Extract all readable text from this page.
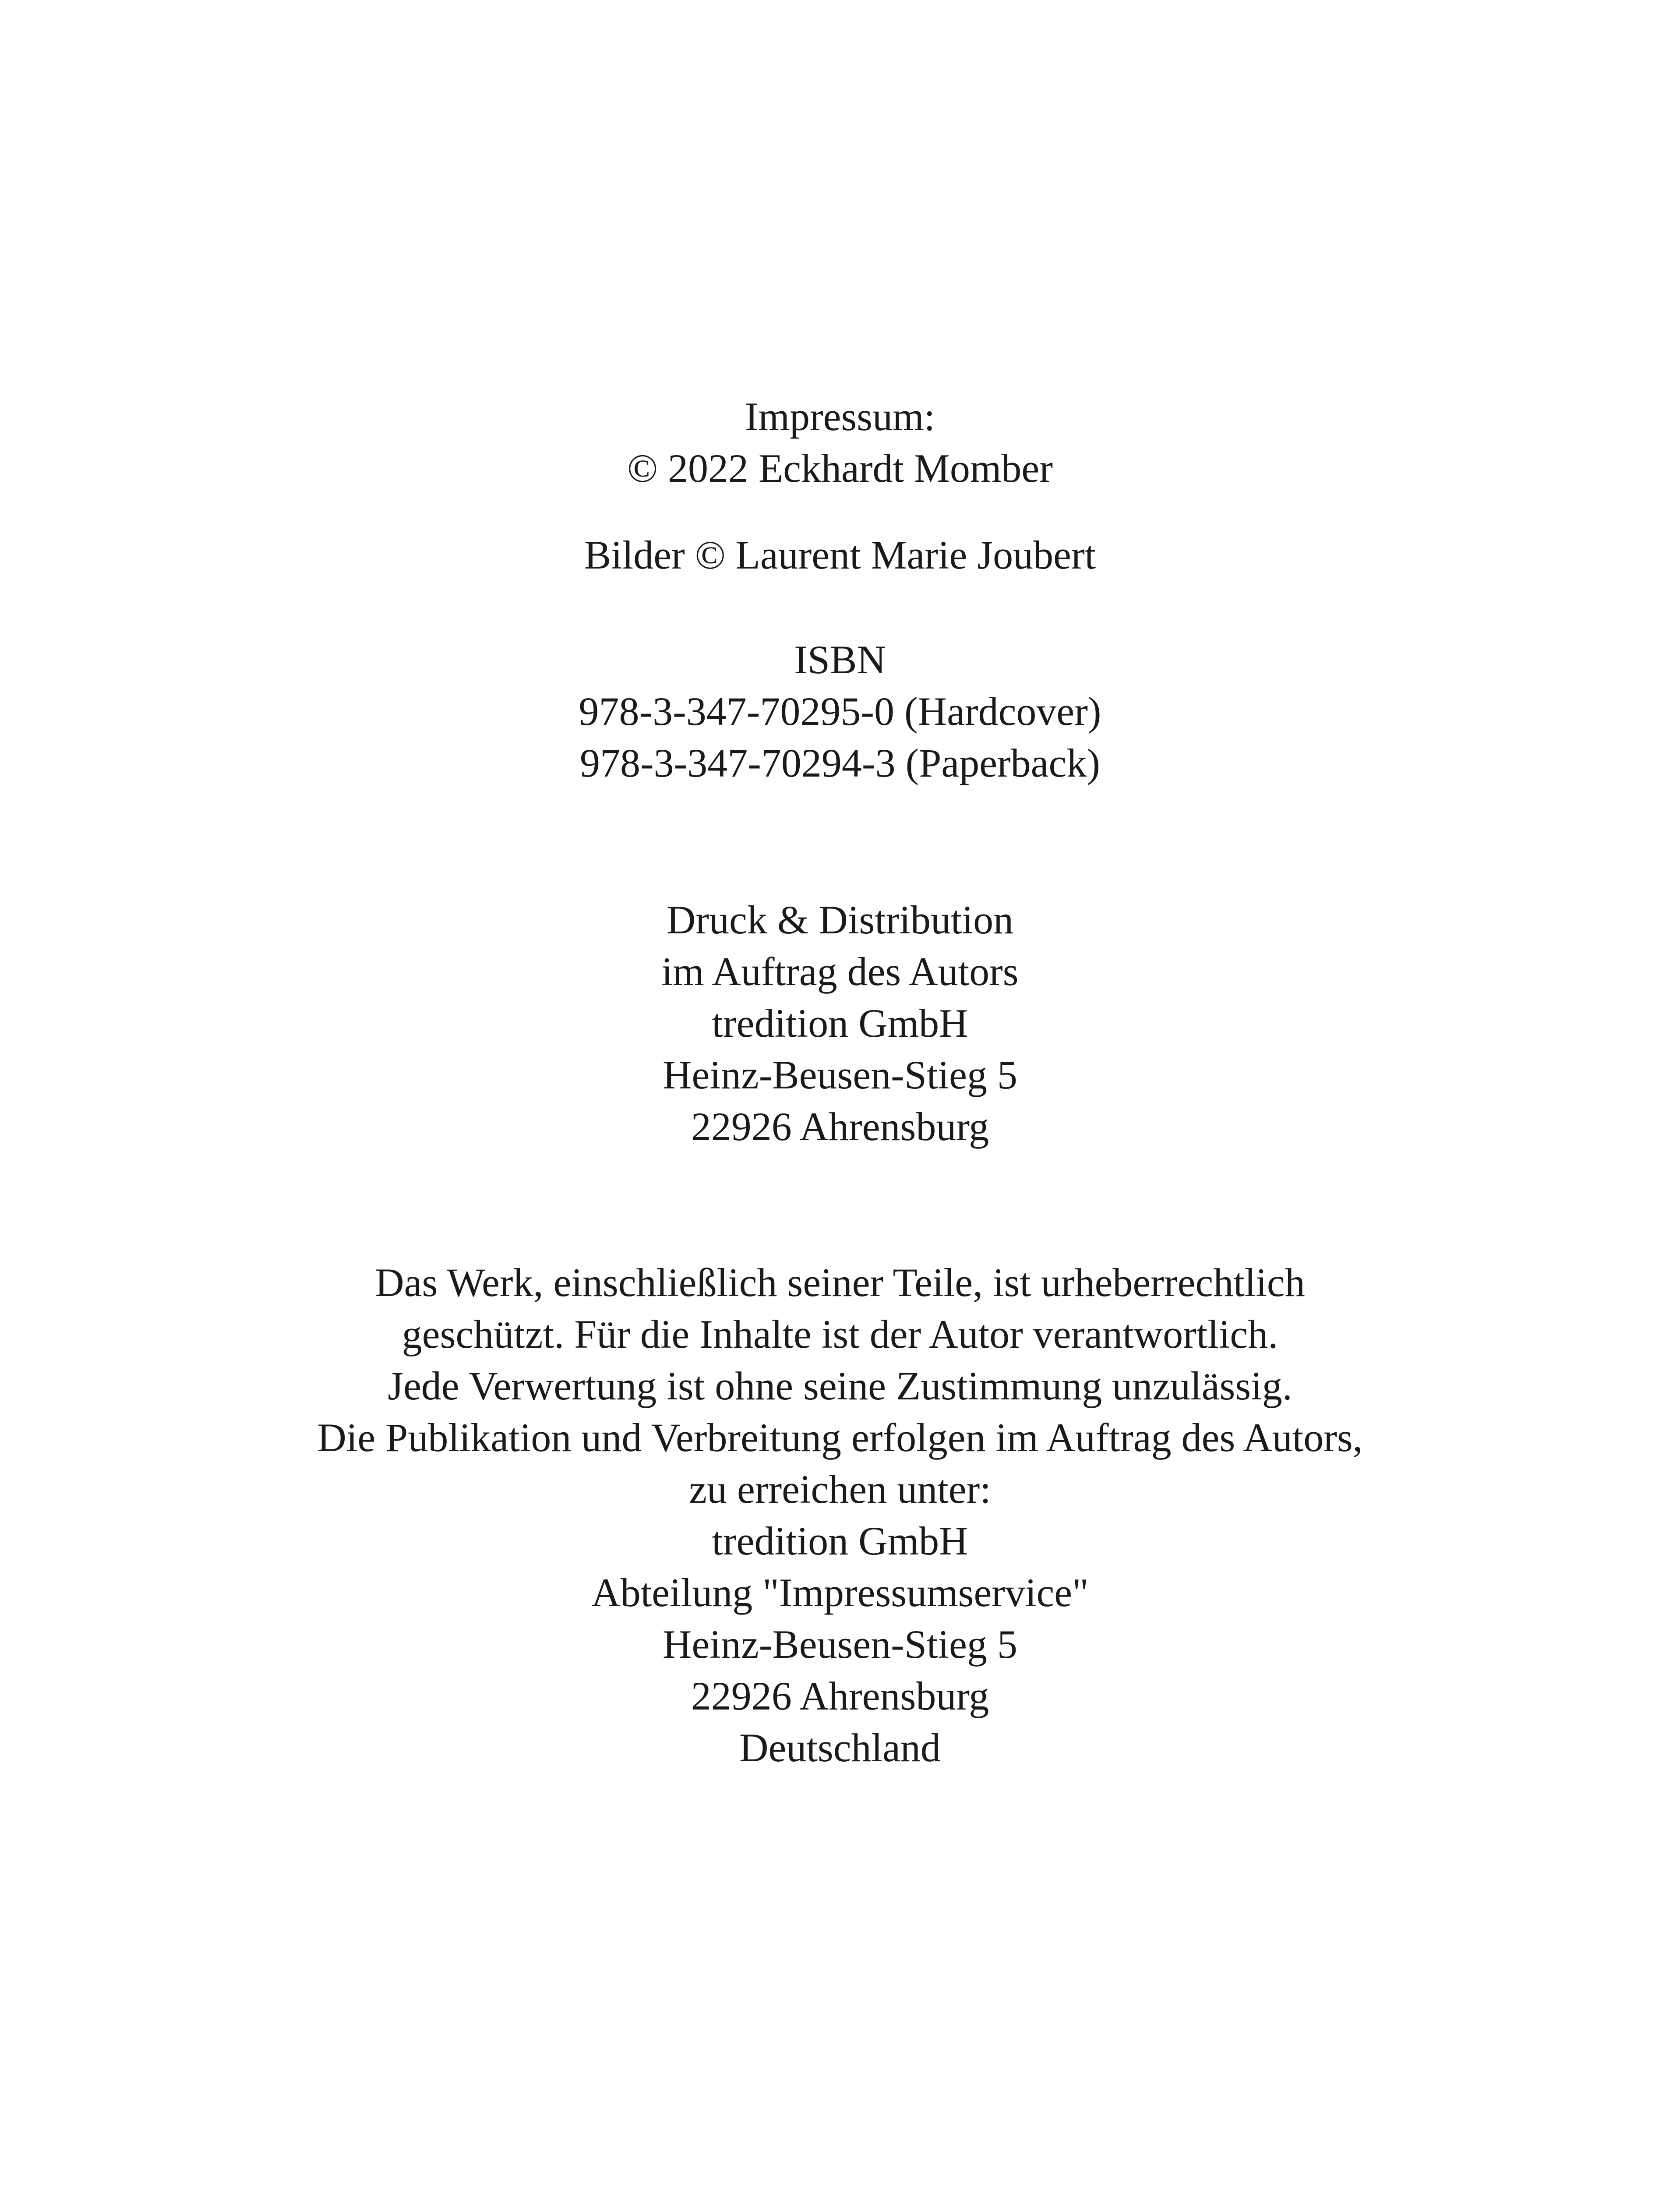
Impressum:
© 2022 Eckhardt Momber
Bilder © Laurent Marie Joubert
ISBN
978-3-347-70295-0 (Hardcover)
978-3-347-70294-3 (Paperback)
Druck & Distribution
im Auftrag des Autors
tredition GmbH
Heinz-Beusen-Stieg 5
22926 Ahrensburg
Das Werk, einschließlich seiner Teile, ist urheberrechtlich
geschützt. Für die Inhalte ist der Autor verantwortlich.
Jede Verwertung ist ohne seine Zustimmung unzulässig.
Die Publikation und Verbreitung erfolgen im Auftrag des Autors,
zu erreichen unter:
tredition GmbH
Abteilung "Impressumservice"
Heinz-Beusen-Stieg 5
22926 Ahrensburg
Deutschland
